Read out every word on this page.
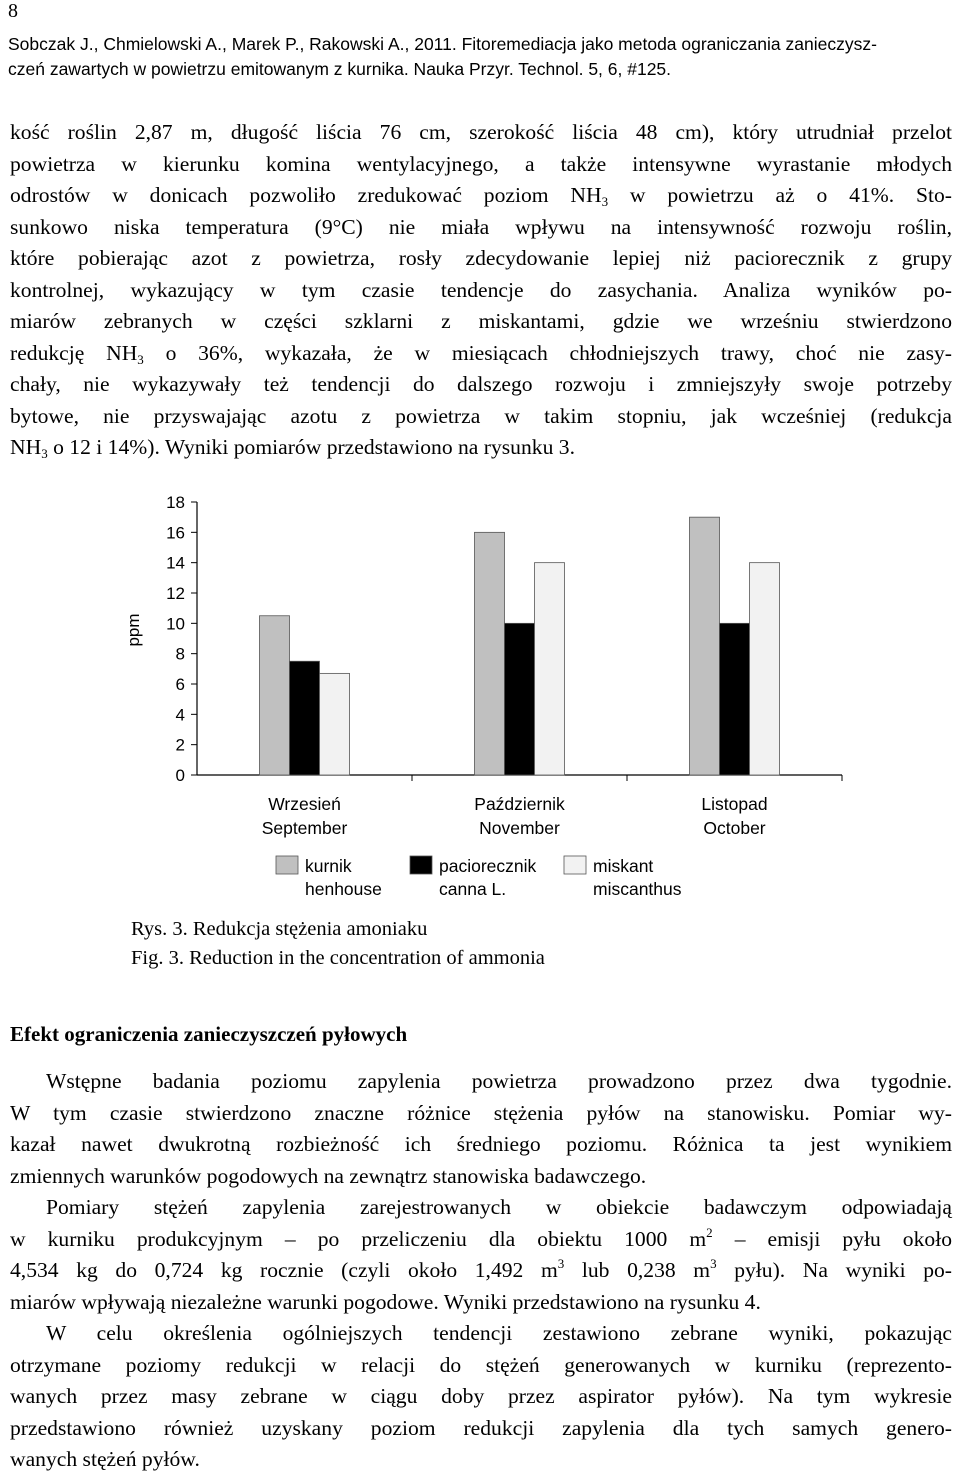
8
Sobczak J., Chmielowski A., Marek P., Rakowski A., 2011. Fitoremediacja jako metoda ograniczania zanieczysz-
czeń zawartych w powietrzu emitowanym z kurnika. Nauka Przyr. Technol. 5, 6, #125.
kość roślin 2,87 m, długość liścia 76 cm, szerokość liścia 48 cm), który utrudniał przelot
powietrza w kierunku komina wentylacyjnego, a także intensywne wyrastanie młodych
odrostów w donicach pozwoliło zredukować poziom $NH_3$ w powietrzu aż o 41%. Sto-
sunkowo niska temperatura (9°C) nie miała wpływu na intensywność rozwoju roślin,
które pobierając azot z powietrza, rosły zdecydowanie lepiej niż paciorecznik z grupy
kontrolnej, wykazujący w tym czasie tendencje do zasychania. Analiza wyników po-
miarów zebranych w części szklarni z miskantami, gdzie we wrześniu stwierdzono
redukcję $NH_3$ o 36%, wykazała, że w miesiącach chłodniejszych trawy, choć nie zasy-
chały, nie wykazywały też tendencji do dalszego rozwoju i zmniejszyły swoje potrzeby
bytowe, nie przyswajając azotu z powietrza w takim stopniu, jak wcześniej (redukcja
$NH_3$ o 12 i 14%). Wyniki pomiarów przedstawiono na rysunku 3.
ppm
0
2
4
6
8
10
12
14
16
18
Wrzesień
September
Październik
November
Listopad
October
kurnik
henhouse
paciorecznik
canna L.
miskant
miscanthus
Rys. 3. Redukcja stężenia amoniaku
Fig. 3. Reduction in the concentration of ammonia
Efekt ograniczenia zanieczyszczeń pyłowych
Wstępne badania poziomu zapylenia powietrza prowadzono przez dwa tygodnie.
W tym czasie stwierdzono znaczne różnice stężenia pyłów na stanowisku. Pomiar wy-
kazał nawet dwukrotną rozbieżność ich średniego poziomu. Różnica ta jest wynikiem
zmiennych warunków pogodowych na zewnątrz stanowiska badawczego.
Pomiary stężeń zapylenia zarejestrowanych w obiekcie badawczym odpowiadają
w kurniku produkcyjnym – po przeliczeniu dla obiektu 1000 $m^2$ – emisji pyłu około
4,534 kg do 0,724 kg rocznie (czyli około 1,492 $m^3$ lub 0,238 $m^3$ pyłu). Na wyniki po-
miarów wpływają niezależne warunki pogodowe. Wyniki przedstawiono na rysunku 4.
W celu określenia ogólniejszych tendencji zestawiono zebrane wyniki, pokazując
otrzymane poziomy redukcji w relacji do stężeń generowanych w kurniku (reprezento-
wanych przez masy zebrane w ciągu doby przez aspirator pyłów). Na tym wykresie
przedstawiono również uzyskany poziom redukcji zapylenia dla tych samych genero-
wanych stężeń pyłów.
